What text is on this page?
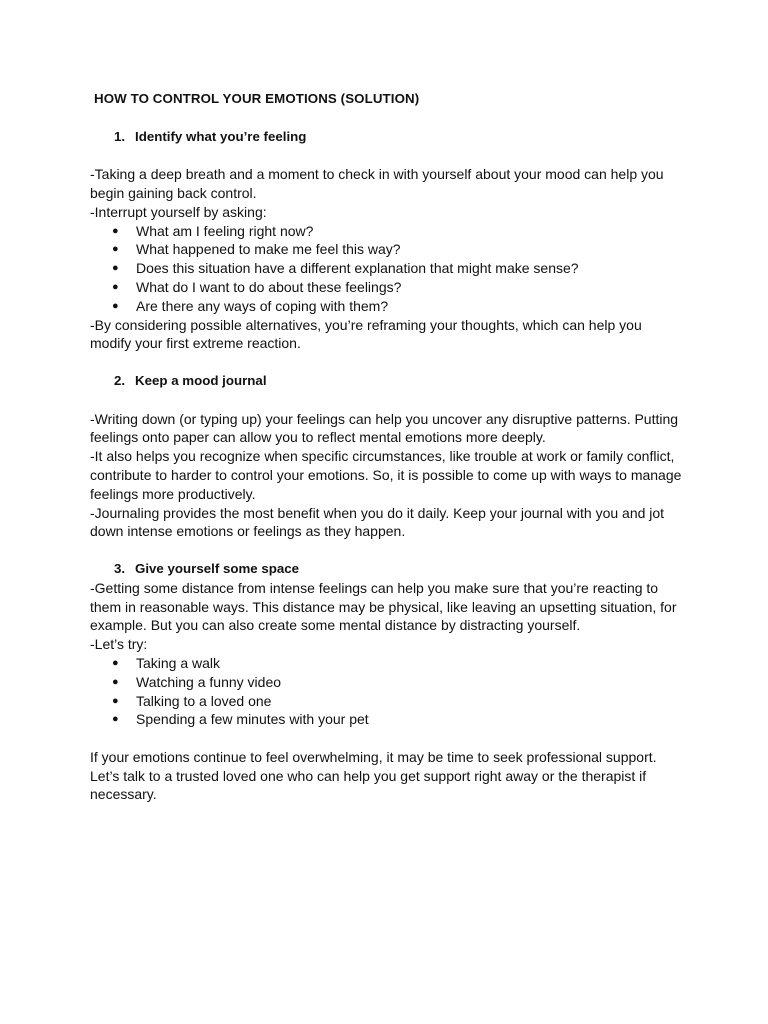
HOW TO CONTROL YOUR EMOTIONS (SOLUTION)
1. Identify what you’re feeling

-Taking a deep breath and a moment to check in with yourself about your mood can help you

begin gaining back control.

-Interrupt yourself by asking:

● What am I feeling right now?
● What happened to make me feel this way?
● Does this situation have a different explanation that might make sense?
● What do I want to do about these feelings?
● Are there any ways of coping with them?

-By considering possible alternatives, you’re reframing your thoughts, which can help you

modify your first extreme reaction.

2. Keep a mood journal

-Writing down (or typing up) your feelings can help you uncover any disruptive patterns. Putting

feelings onto paper can allow you to reflect mental emotions more deeply.

-It also helps you recognize when specific circumstances, like trouble at work or family conflict,

contribute to harder to control your emotions. So, it is possible to come up with ways to manage

feelings more productively.

-Journaling provides the most benefit when you do it daily. Keep your journal with you and jot

down intense emotions or feelings as they happen.

3. Give yourself some space

-Getting some distance from intense feelings can help you make sure that you’re reacting to

them in reasonable ways. This distance may be physical, like leaving an upsetting situation, for

example. But you can also create some mental distance by distracting yourself.

-Let’s try:

● Taking a walk
● Watching a funny video
● Talking to a loved one
● Spending a few minutes with your pet

If your emotions continue to feel overwhelming, it may be time to seek professional support.

Let’s talk to a trusted loved one who can help you get support right away or the therapist if

necessary.
